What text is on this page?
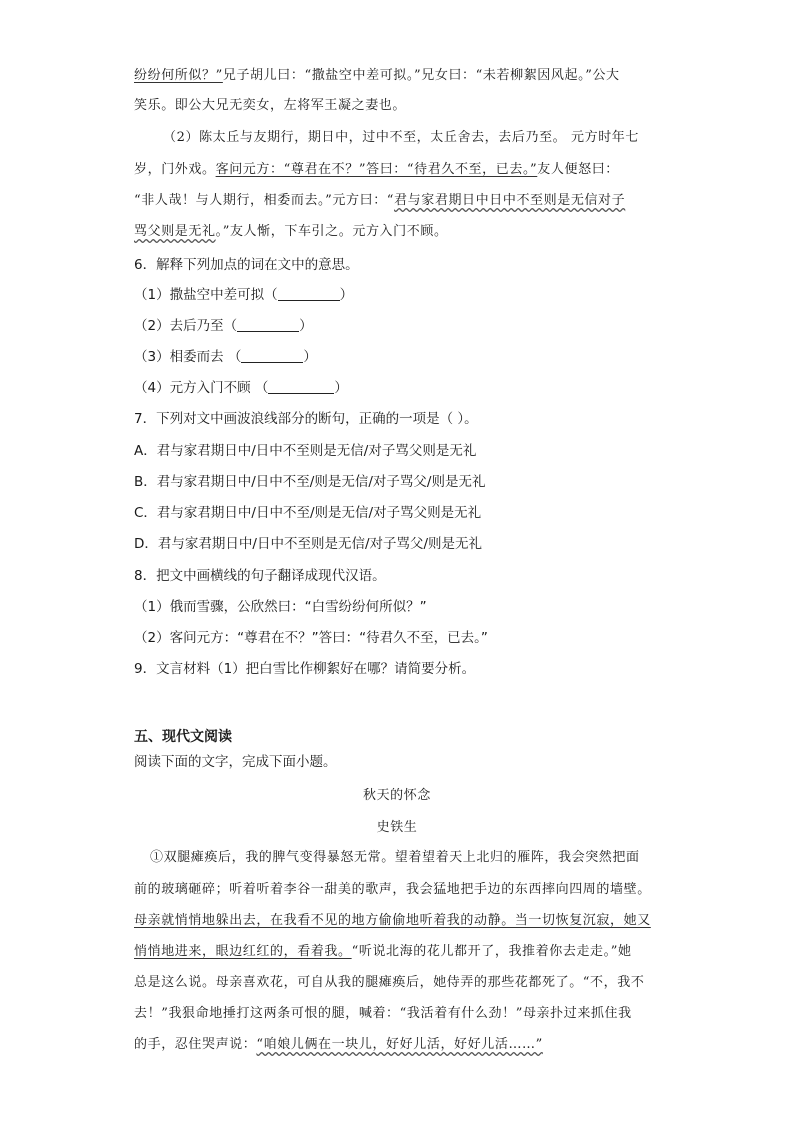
纷纷何所似？”兄子胡儿曰：“撒盐空中差可拟。”兄女曰：“未若柳絮因风起。”公大
笑乐。即公大兄无奕女，左将军王凝之妻也。
（2）陈太丘与友期行，期日中，过中不至，太丘舍去，去后乃至。 元方时年七
岁，门外戏。客问元方：“尊君在不？”答曰：“待君久不至，已去。”友人便怒曰：
“非人哉！与人期行，相委而去。”元方曰：“君与家君期日中日中不至则是无信对子
骂父则是无礼。”友人惭，下车引之。元方入门不顾。
6．解释下列加点的词在文中的意思。
（1）撒盐空中差可拟（	）
（2）去后乃至（	）
（3）相委而去 （	）
（4）元方入门不顾 （	）
7．下列对文中画波浪线部分的断句，正确的一项是（ ）。
A．君与家君期日中/日中不至则是无信/对子骂父则是无礼
B．君与家君期日中/日中不至/则是无信/对子骂父/则是无礼
C．君与家君期日中/日中不至/则是无信/对子骂父则是无礼
D．君与家君期日中/日中不至则是无信/对子骂父/则是无礼
8．把文中画横线的句子翻译成现代汉语。
（1）俄而雪骤，公欣然曰：“白雪纷纷何所似？”
（2）客问元方：“尊君在不？”答曰：“待君久不至，已去。”
9．文言材料（1）把白雪比作柳絮好在哪？请简要分析。
五、现代文阅读
阅读下面的文字，完成下面小题。
秋天的怀念
史铁生
①双腿瘫痪后，我的脾气变得暴怒无常。望着望着天上北归的雁阵，我会突然把面
前的玻璃砸碎；听着听着李谷一甜美的歌声，我会猛地把手边的东西摔向四周的墙壁。
母亲就悄悄地躲出去，在我看不见的地方偷偷地听着我的动静。当一切恢复沉寂，她又
悄悄地进来，眼边红红的，看着我。“听说北海的花儿都开了，我推着你去走走。”她
总是这么说。母亲喜欢花，可自从我的腿瘫痪后，她侍弄的那些花都死了。“不，我不
去！”我狠命地捶打这两条可恨的腿，喊着：“我活着有什么劲！”母亲扑过来抓住我
的手，忍住哭声说：“咱娘儿俩在一块儿，好好儿活，好好儿活……”
